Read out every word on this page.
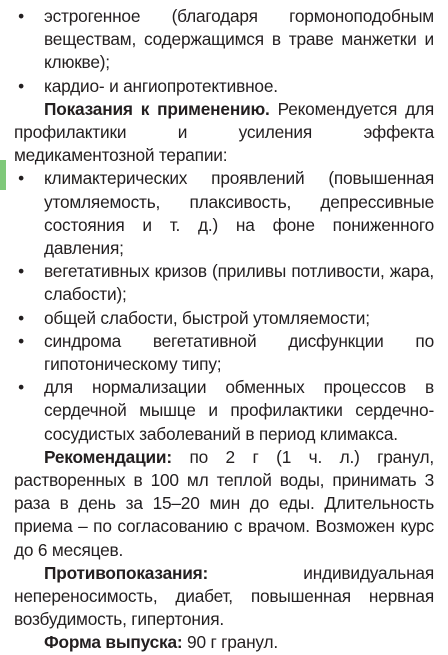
• эстрогенное (благодаря гормоноподобным веществам, содержащимся в траве манжетки и клюкве);
• кардио- и ангиопротективное.

Показания к применению. Рекомендуется для профилактики и усиления эффекта медикаментозной терапии:

• климактерических проявлений (повышенная утомляемость, плаксивость, депрессивные состояния и т. д.) на фоне пониженного давления;
• вегетативных кризов (приливы потливости, жара, слабости);
• общей слабости, быстрой утомляемости;
• синдрома вегетативной дисфункции по гипотоническому типу;
• для нормализации обменных процессов в сердечной мышце и профилактики сердечно-сосудистых заболеваний в период климакса.

Рекомендации: по 2 г (1 ч. л.) гранул, растворенных в 100 мл теплой воды, принимать 3 раза в день за 15–20 мин до еды. Длительность приема – по согласованию с врачом. Возможен курс до 6 месяцев.

Противопоказания: индивидуальная непереносимость, диабет, повышенная нервная возбудимость, гипертония.

Форма выпуска: 90 г гранул.
